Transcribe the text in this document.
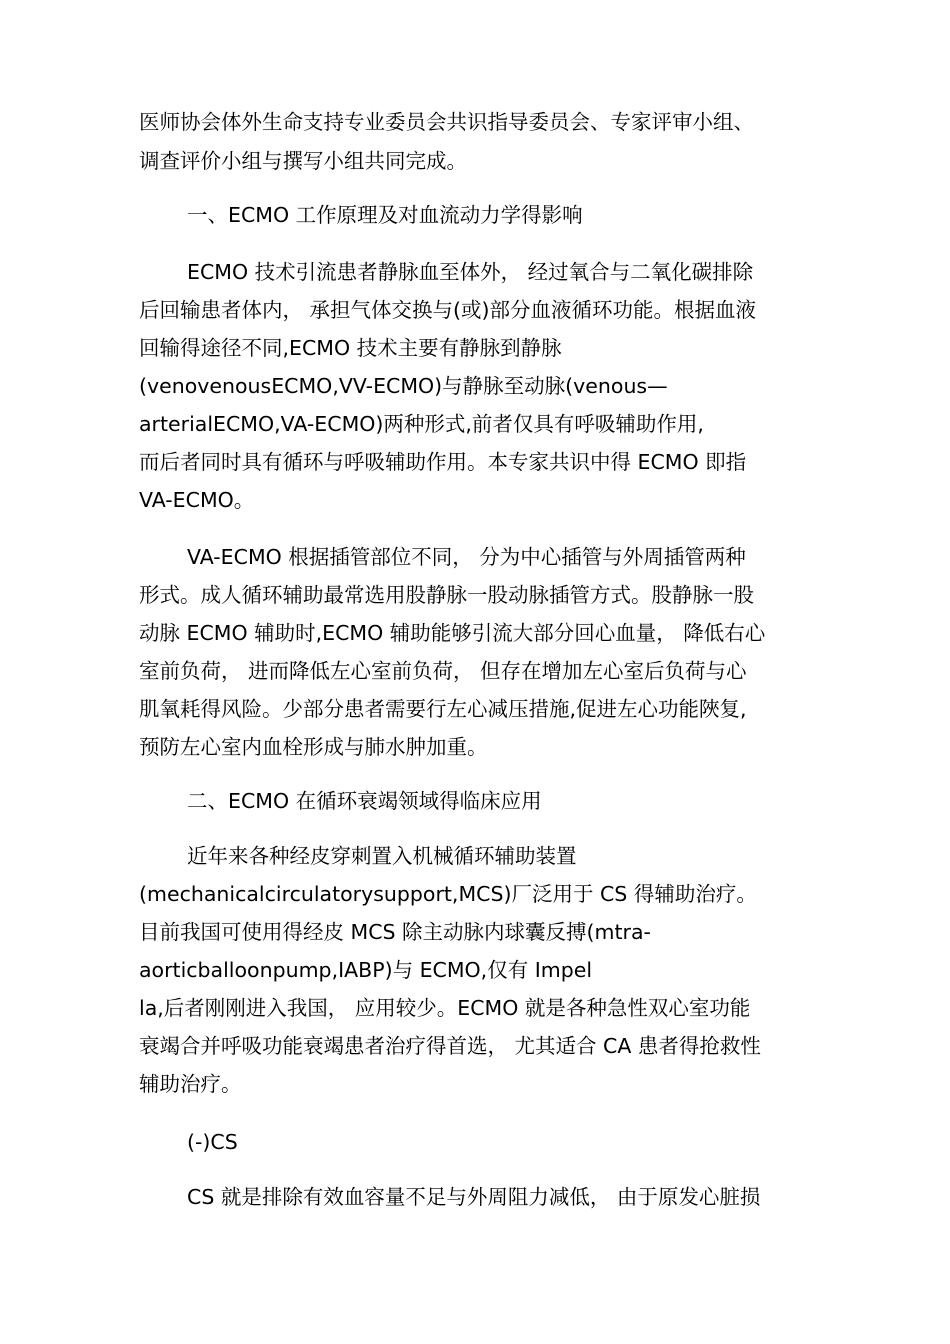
医师协会体外生命支持专业委员会共识指导委员会、专家评审小组、
调查评价小组与撰写小组共同完成。
一、ECMO 工作原理及对血流动力学得影响
ECMO 技术引流患者静脉血至体外， 经过氧合与二氧化碳排除
后回输患者体内， 承担气体交换与(或)部分血液循环功能。根据血液
回输得途径不同,ECMO 技术主要有静脉到静脉
(venovenousECMO,VV-ECMO)与静脉至动脉(venous—
arterialECMO,VA-ECMO)两种形式,前者仅具有呼吸辅助作用,
而后者同时具有循环与呼吸辅助作用。本专家共识中得 ECMO 即指
VA-ECMO。
VA-ECMO 根据插管部位不同， 分为中心插管与外周插管两种
形式。成人循环辅助最常选用股静脉一股动脉插管方式。股静脉一股
动脉 ECMO 辅助时,ECMO 辅助能够引流大部分回心血量， 降低右心
室前负荷， 进而降低左心室前负荷， 但存在增加左心室后负荷与心
肌氧耗得风险。少部分患者需要行左心减压措施,促进左心功能陜复,
预防左心室内血栓形成与肺水肿加重。
二、ECMO 在循环衰竭领域得临床应用
近年来各种经皮穿刺置入机械循环辅助装置
(mechanicalcirculatorysupport,MCS)厂泛用于 CS 得辅助治疗。
目前我国可使用得经皮 MCS 除主动脉内球囊反搏(mtra-
aorticballoonpump,IABP)与 ECMO,仅有 Impel
la,后者刚刚进入我国， 应用较少。ECMO 就是各种急性双心室功能
衰竭合并呼吸功能衰竭患者治疗得首选， 尤其适合 CA 患者得抢救性
辅助治疗。
(-)CS
CS 就是排除有效血容量不足与外周阻力减低， 由于原发心脏损
